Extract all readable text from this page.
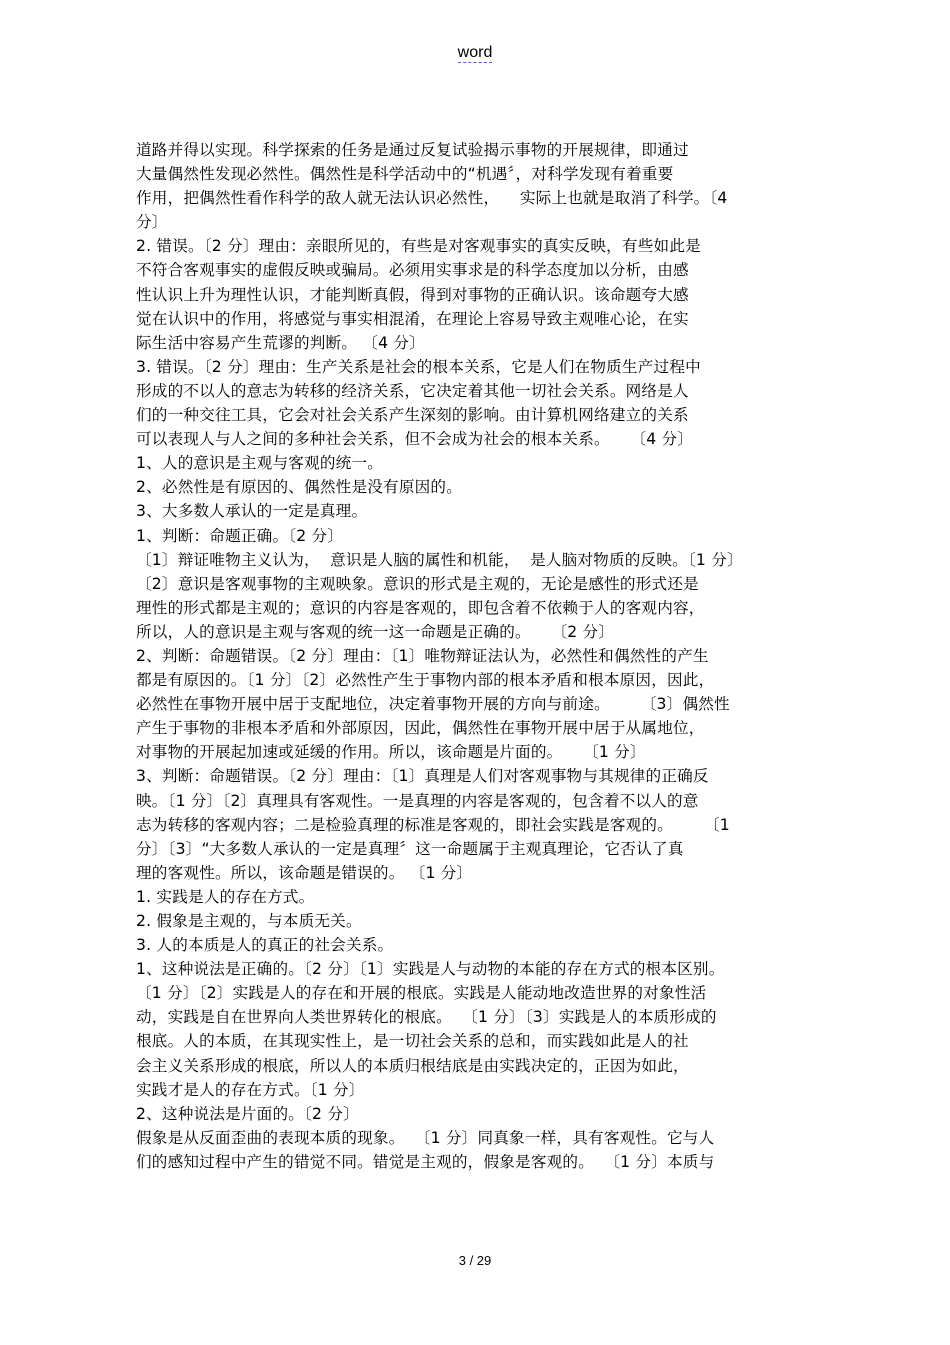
word
道路并得以实现。科学探索的任务是通过反复试验揭示事物的开展规律，即通过
大量偶然性发现必然性。偶然性是科学活动中的“机遇〞，对科学发现有着重要
作用，把偶然性看作科学的敌人就无法认识必然性，    实际上也就是取消了科学。〔4
分〕
2. 错误。〔2 分〕理由：亲眼所见的，有些是对客观事实的真实反映，有些如此是
不符合客观事实的虚假反映或骗局。必须用实事求是的科学态度加以分析，由感
性认识上升为理性认识，才能判断真假，得到对事物的正确认识。该命题夸大感
觉在认识中的作用，将感觉与事实相混淆，在理论上容易导致主观唯心论，在实
际生活中容易产生荒谬的判断。 〔4 分〕
3. 错误。〔2 分〕理由：生产关系是社会的根本关系，它是人们在物质生产过程中
形成的不以人的意志为转移的经济关系，它决定着其他一切社会关系。网络是人
们的一种交往工具，它会对社会关系产生深刻的影响。由计算机网络建立的关系
可以表现人与人之间的多种社会关系，但不会成为社会的根本关系。    〔4 分〕
1、人的意识是主观与客观的统一。
2、必然性是有原因的、偶然性是没有原因的。
3、大多数人承认的一定是真理。
1、判断：命题正确。〔2 分〕
〔1〕辩证唯物主义认为，  意识是人脑的属性和机能，  是人脑对物质的反映。〔1 分〕
〔2〕意识是客观事物的主观映象。意识的形式是主观的，无论是感性的形式还是
理性的形式都是主观的；意识的内容是客观的，即包含着不依赖于人的客观内容，
所以，人的意识是主观与客观的统一这一命题是正确的。    〔2 分〕
2、判断：命题错误。〔2 分〕理由：〔1〕唯物辩证法认为，必然性和偶然性的产生
都是有原因的。〔1 分〕〔2〕必然性产生于事物内部的根本矛盾和根本原因，因此，
必然性在事物开展中居于支配地位，决定着事物开展的方向与前途。      〔3〕偶然性
产生于事物的非根本矛盾和外部原因，因此，偶然性在事物开展中居于从属地位，
对事物的开展起加速或延缓的作用。所以，该命题是片面的。    〔1 分〕
3、判断：命题错误。〔2 分〕理由：〔1〕真理是人们对客观事物与其规律的正确反
映。〔1 分〕〔2〕真理具有客观性。一是真理的内容是客观的，包含着不以人的意
志为转移的客观内容；二是检验真理的标准是客观的，即社会实践是客观的。      〔1
分〕〔3〕“大多数人承认的一定是真理〞这一命题属于主观真理论，它否认了真
理的客观性。所以，该命题是错误的。 〔1 分〕
1. 实践是人的存在方式。
2. 假象是主观的，与本质无关。
3. 人的本质是人的真正的社会关系。
1、这种说法是正确的。〔2 分〕〔1〕实践是人与动物的本能的存在方式的根本区别。
〔1 分〕〔2〕实践是人的存在和开展的根底。实践是人能动地改造世界的对象性活
动，实践是自在世界向人类世界转化的根底。  〔1 分〕〔3〕实践是人的本质形成的
根底。人的本质，在其现实性上，是一切社会关系的总和，而实践如此是人的社
会主义关系形成的根底，所以人的本质归根结底是由实践决定的，正因为如此，
实践才是人的存在方式。〔1 分〕
2、这种说法是片面的。〔2 分〕
假象是从反面歪曲的表现本质的现象。  〔1 分〕同真象一样，具有客观性。它与人
们的感知过程中产生的错觉不同。错觉是主观的，假象是客观的。  〔1 分〕本质与
3 / 29
